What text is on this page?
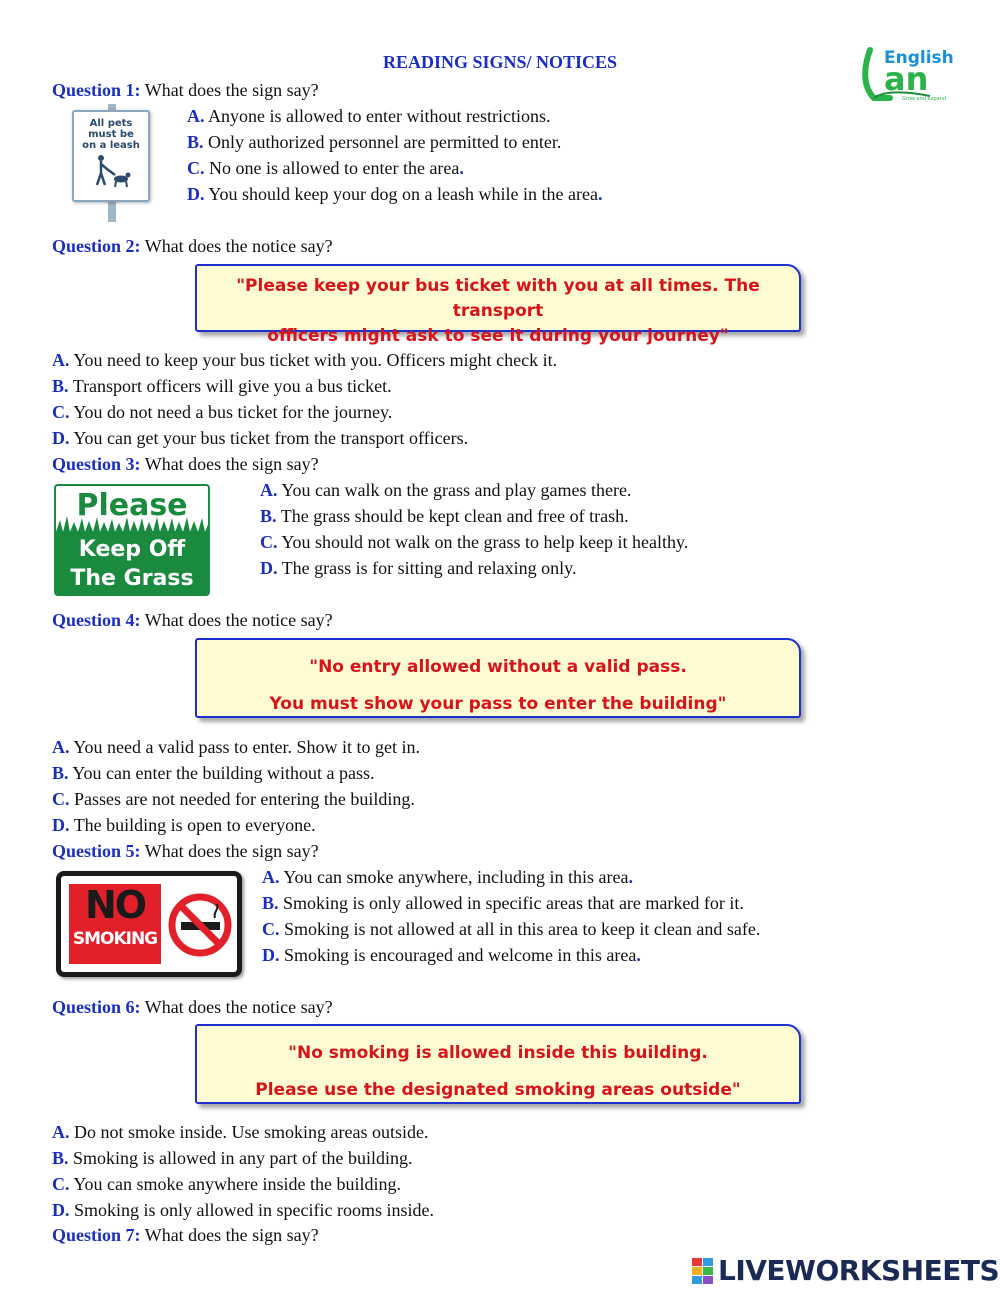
READING SIGNS/ NOTICES	English
an
Grow and expand
Question 1: What does the sign say?
All pets
must be
on a leash
A. Anyone is allowed to enter without restrictions.
B. Only authorized personnel are permitted to enter.
C. No one is allowed to enter the area.
D. You should keep your dog on a leash while in the area.
Question 2: What does the notice say?

"Please keep your bus ticket with you at all times. The transport

officers might ask to see it during your journey"

A. You need to keep your bus ticket with you. Officers might check it.
B. Transport officers will give you a bus ticket.
C. You do not need a bus ticket for the journey.
D. You can get your bus ticket from the transport officers.
Question 3: What does the sign say?
Please
Keep Off
The Grass
A. You can walk on the grass and play games there.
B. The grass should be kept clean and free of trash.
C. You should not walk on the grass to help keep it healthy.
D. The grass is for sitting and relaxing only.
Question 4: What does the notice say?

"No entry allowed without a valid pass.

You must show your pass to enter the building"

A. You need a valid pass to enter. Show it to get in.
B. You can enter the building without a pass.
C. Passes are not needed for entering the building.
D. The building is open to everyone.
Question 5: What does the sign say?
NO
SMOKING
A. You can smoke anywhere, including in this area.
B. Smoking is only allowed in specific areas that are marked for it.
C. Smoking is not allowed at all in this area to keep it clean and safe.
D. Smoking is encouraged and welcome in this area.
Question 6: What does the notice say?

"No smoking is allowed inside this building.

Please use the designated smoking areas outside"

A. Do not smoke inside. Use smoking areas outside.
B. Smoking is allowed in any part of the building.
C. You can smoke anywhere inside the building.
D. Smoking is only allowed in specific rooms inside.
Question 7: What does the sign say?
LIVEWORKSHEETS
